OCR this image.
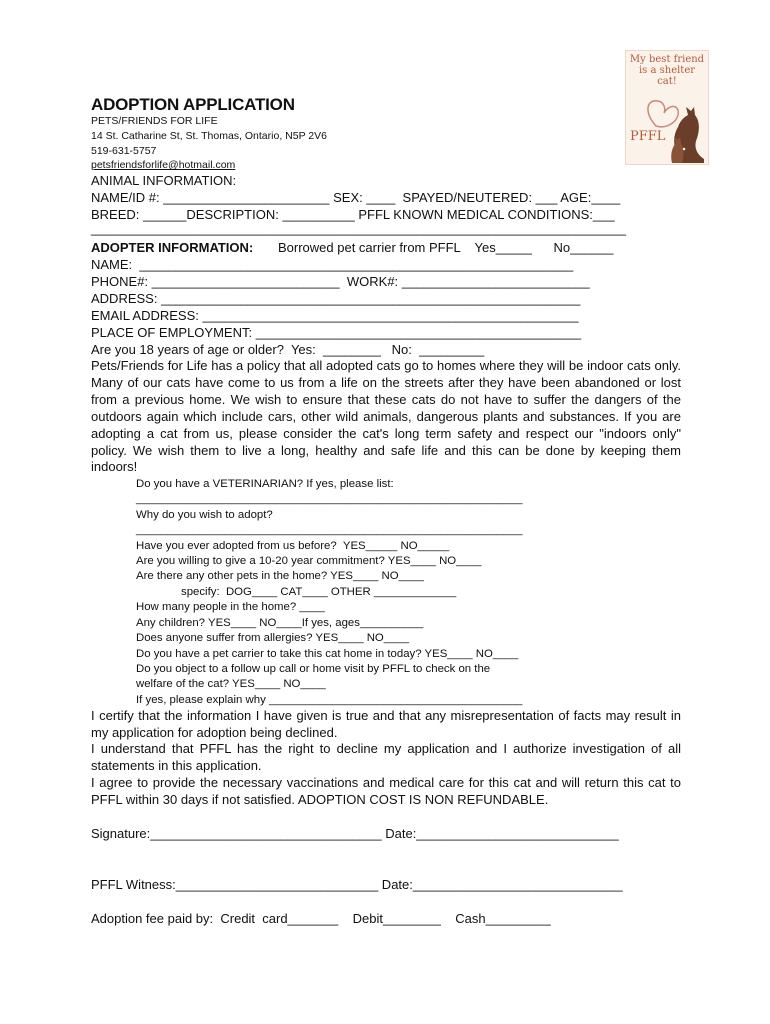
My best friend is a shelter cat!
PFFL
ADOPTION APPLICATION
PETS/FRIENDS FOR LIFE
14 St. Catharine St, St. Thomas, Ontario, N5P 2V6
519-631-5757
petsfriendsforlife@hotmail.com
ANIMAL INFORMATION:
NAME/ID #: _______________________ SEX: ____  SPAYED/NEUTERED: ___ AGE:____
BREED: ______DESCRIPTION: __________ PFFL KNOWN MEDICAL CONDITIONS:___
__________________________________________________________________________
ADOPTER INFORMATION: Borrowed pet carrier from PFFL    Yes_____      No______
NAME:  ____________________________________________________________
PHONE#: __________________________  WORK#: __________________________
ADDRESS: __________________________________________________________
EMAIL ADDRESS: ____________________________________________________
PLACE OF EMPLOYMENT: _____________________________________________
Are you 18 years of age or older?  Yes:  ________   No:  _________
Pets/Friends for Life has a policy that all adopted cats go to homes where they will be indoor cats only. Many of our cats have come to us from a life on the streets after they have been abandoned or lost from a previous home. We wish to ensure that these cats do not have to suffer the dangers of the outdoors again which include cars, other wild animals, dangerous plants and substances. If you are adopting a cat from us, please consider the cat's long term safety and respect our "indoors only" policy. We wish them to live a long, healthy and safe life and this can be done by keeping them indoors!
Do you have a VETERINARIAN? If yes, please list:
_____________________________________________________________
Why do you wish to adopt?
_____________________________________________________________
Have you ever adopted from us before?  YES_____ NO_____
Are you willing to give a 10-20 year commitment? YES____ NO____
Are there any other pets in the home? YES____ NO____
specify:  DOG____ CAT____ OTHER _____________
How many people in the home? ____
Any children? YES____ NO____If yes, ages__________
Does anyone suffer from allergies? YES____ NO____
Do you have a pet carrier to take this cat home in today? YES____ NO____
Do you object to a follow up call or home visit by PFFL to check on the
welfare of the cat? YES____ NO____
If yes, please explain why ________________________________________
I certify that the information I have given is true and that any misrepresentation of facts may result in my application for adoption being declined.
I understand that PFFL has the right to decline my application and I authorize investigation of all statements in this application.
I agree to provide the necessary vaccinations and medical care for this cat and will return this cat to PFFL within 30 days if not satisfied. ADOPTION COST IS NON REFUNDABLE.
Signature:________________________________ Date:____________________________
PFFL Witness:____________________________ Date:_____________________________
Adoption fee paid by:  Credit  card_______    Debit________    Cash_________
